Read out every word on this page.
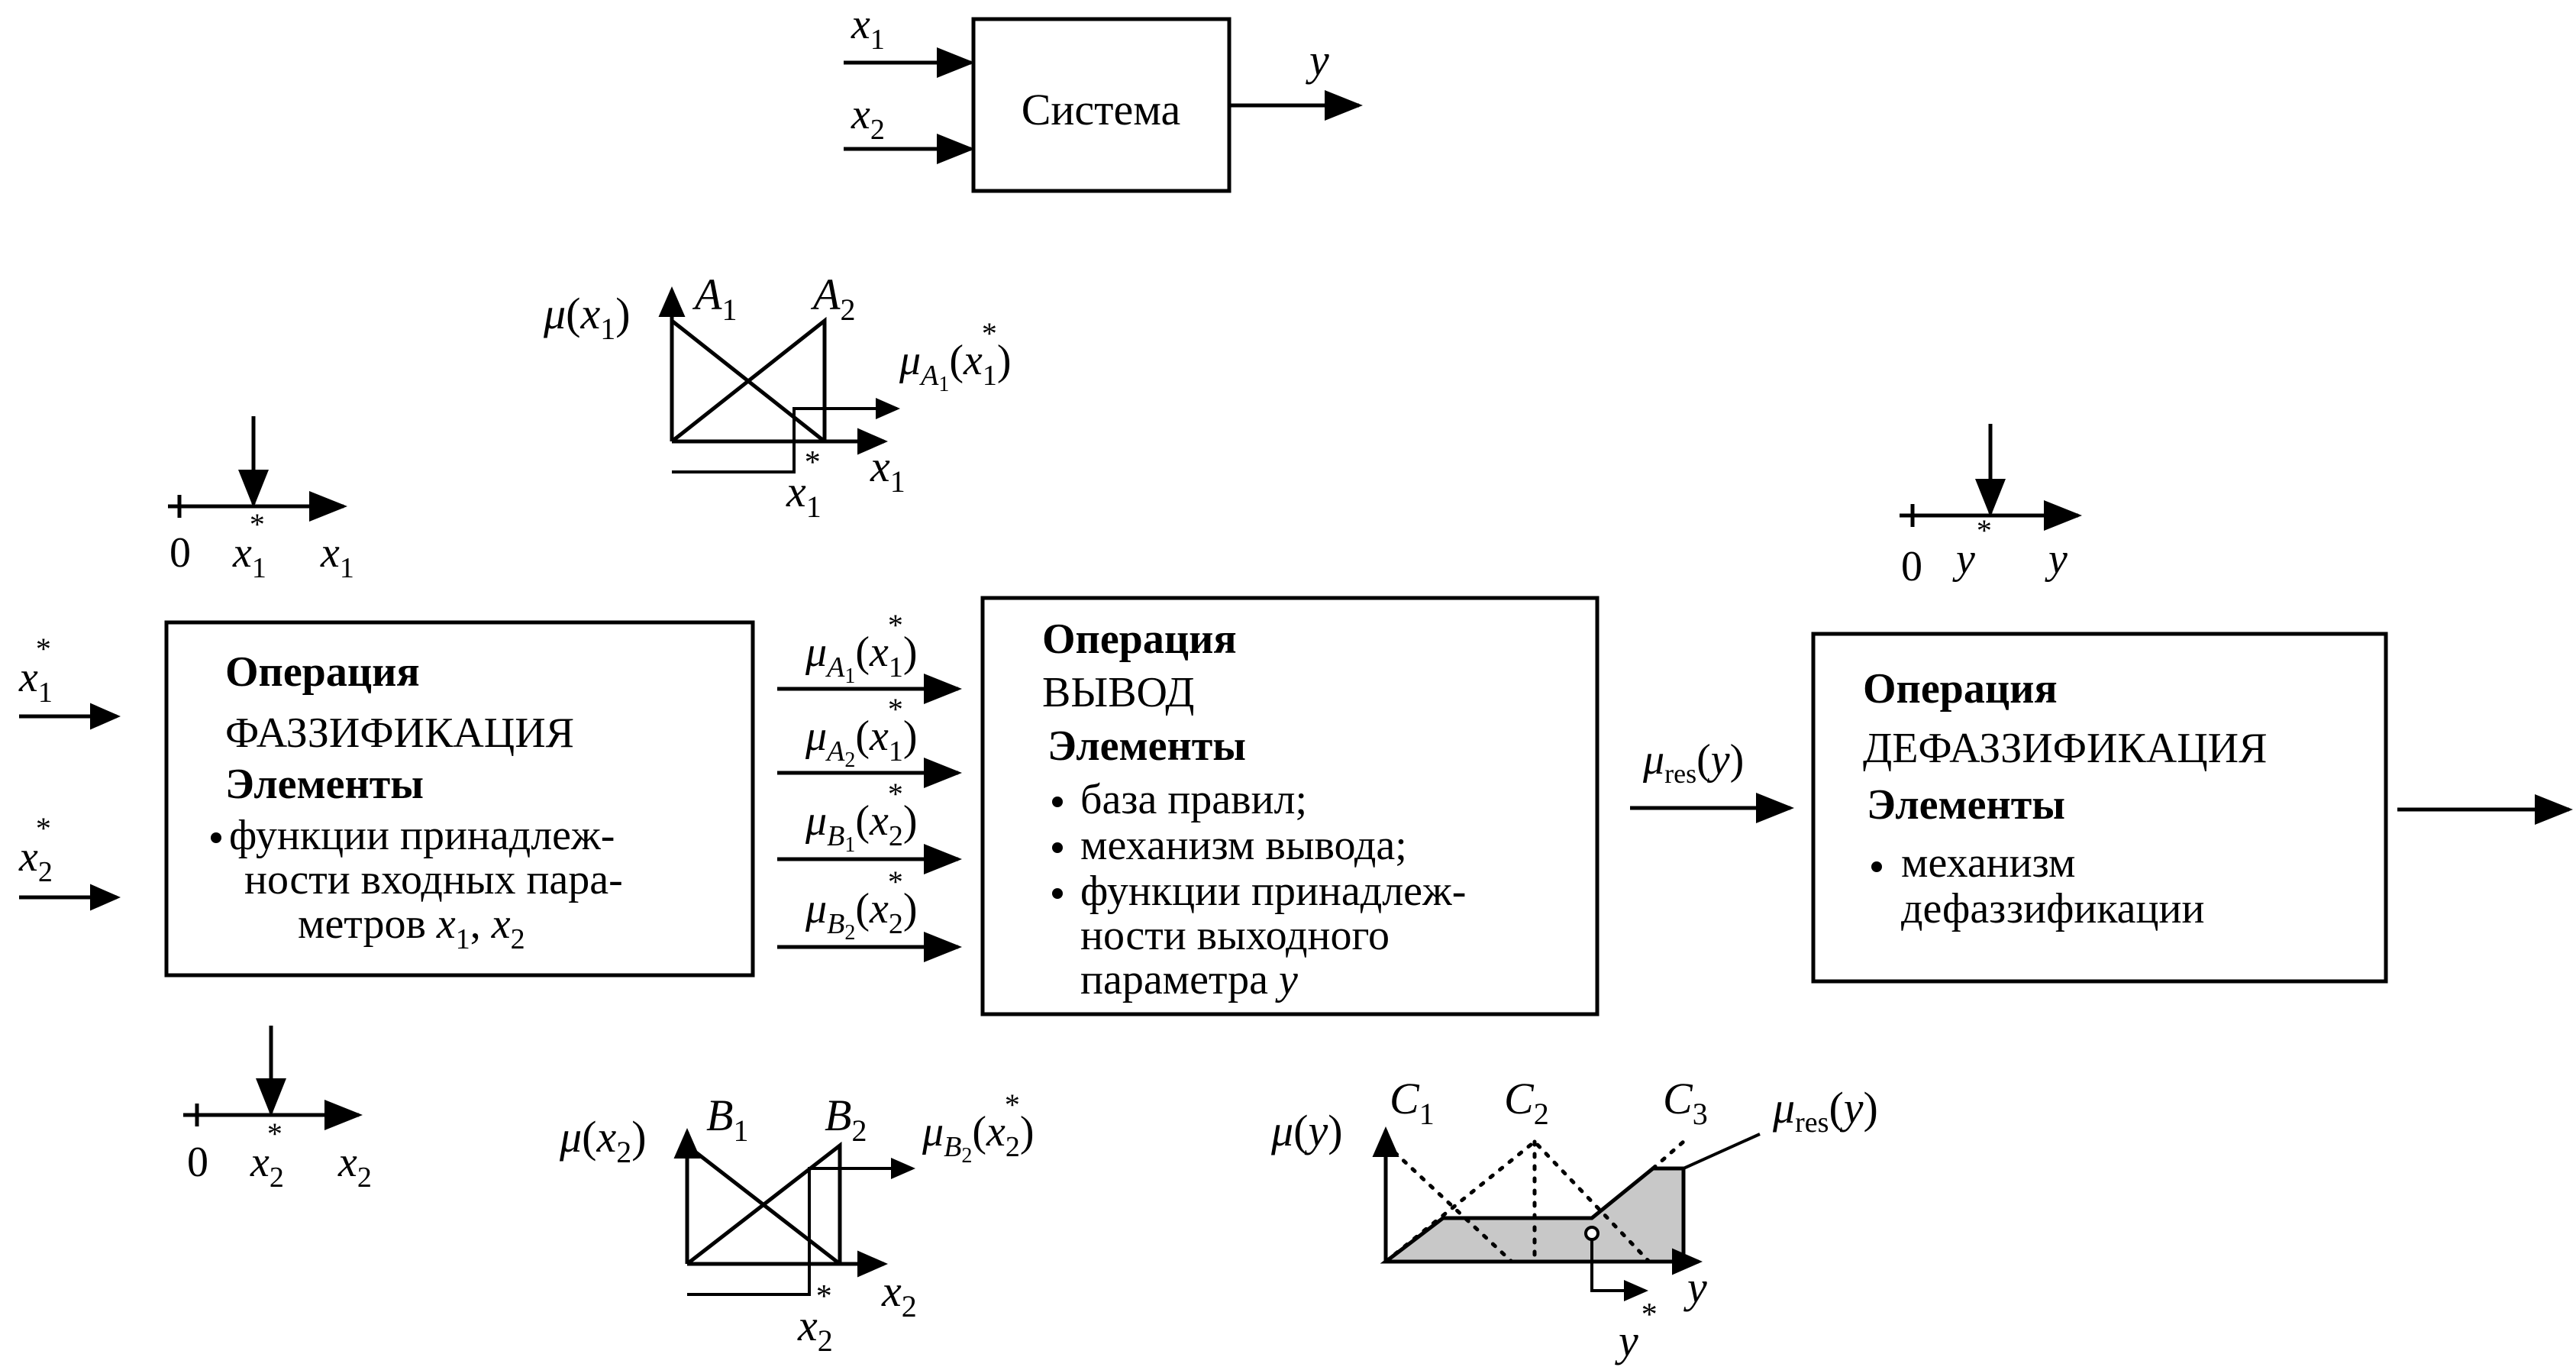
Система
$x_1$
$x_2$
y
0 $x_1*$
$x_1$
0 $x_2*$
$x_2$
0 y*
y
Операция
ФАЗЗИФИКАЦИЯ
Элементы
функции принадлеж-
ности входных пара-
метров $x_1$, $x_2$
$x_1*$
$x_2*$
$\mu_A1(x_1*)$
$\mu_A2(x_1*)$
$\mu_B1(x_2*)$
$\mu_B2(x_2*)$
Операция
ВЫВОД
Элементы
база правил;
механизм вывода;
функции принадлеж-
ности выходного
параметра y
$\mu_{res}(y)$
Операция
ДЕФАЗЗИФИКАЦИЯ
Элементы
механизм
дефаззификации
$\mu(x_1)$ $A_1$ $A_2$
$\mu_A1(x_1*)$
$x_1*$ $x_1$
$\mu(x_2)$ $B_1$ $B_2$ $\mu_B2(x_2*)$
$x_2*$ $x_2$
μ(y)
$C_1$ $C_2$	$C_3$ $\mu_{res}(y)$
y
y*
